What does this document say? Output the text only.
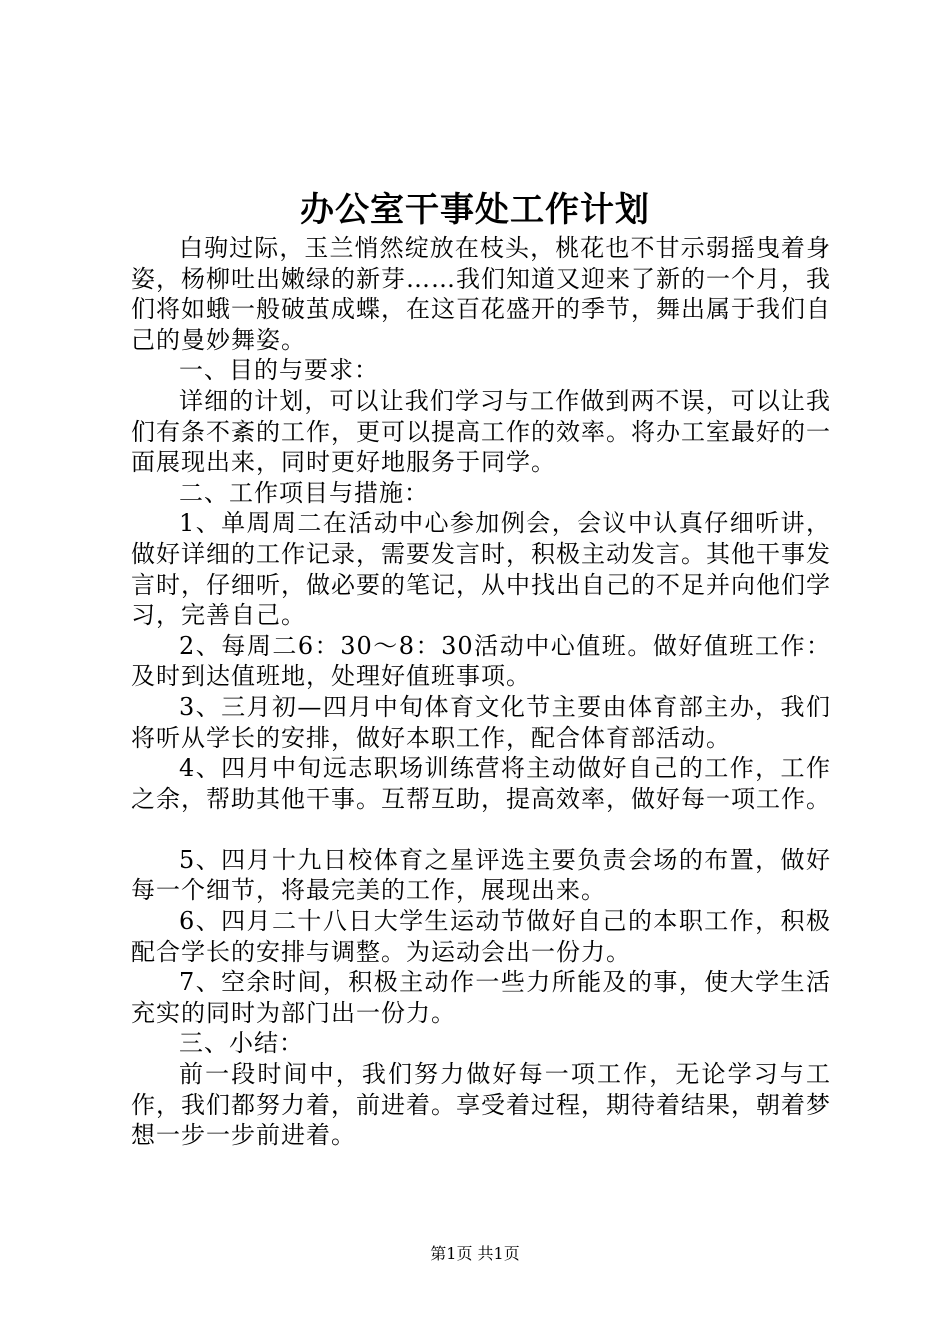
办公室干事处工作计划

白驹过际，玉兰悄然绽放在枝头，桃花也不甘示弱摇曳着身姿，杨柳吐出嫩绿的新芽……我们知道又迎来了新的一个月，我们将如蛾一般破茧成蝶，在这百花盛开的季节，舞出属于我们自己的曼妙舞姿。

一、目的与要求：

详细的计划，可以让我们学习与工作做到两不误，可以让我们有条不紊的工作，更可以提高工作的效率。将办工室最好的一面展现出来，同时更好地服务于同学。

二、工作项目与措施：

1、单周周二在活动中心参加例会，会议中认真仔细听讲，做好详细的工作记录，需要发言时，积极主动发言。其他干事发言时，仔细听，做必要的笔记，从中找出自己的不足并向他们学习，完善自己。

2、每周二6：30～8：30活动中心值班。做好值班工作：及时到达值班地，处理好值班事项。

3、三月初—四月中旬体育文化节主要由体育部主办，我们将听从学长的安排，做好本职工作，配合体育部活动。

4、四月中旬远志职场训练营将主动做好自己的工作，工作之余，帮助其他干事。互帮互助，提高效率，做好每一项工作。

5、四月十九日校体育之星评选主要负责会场的布置，做好每一个细节，将最完美的工作，展现出来。

6、四月二十八日大学生运动节做好自己的本职工作，积极配合学长的安排与调整。为运动会出一份力。

7、空余时间，积极主动作一些力所能及的事，使大学生活充实的同时为部门出一份力。

三、小结：

前一段时间中，我们努力做好每一项工作，无论学习与工作，我们都努力着，前进着。享受着过程，期待着结果，朝着梦想一步一步前进着。

第1页 共1页
